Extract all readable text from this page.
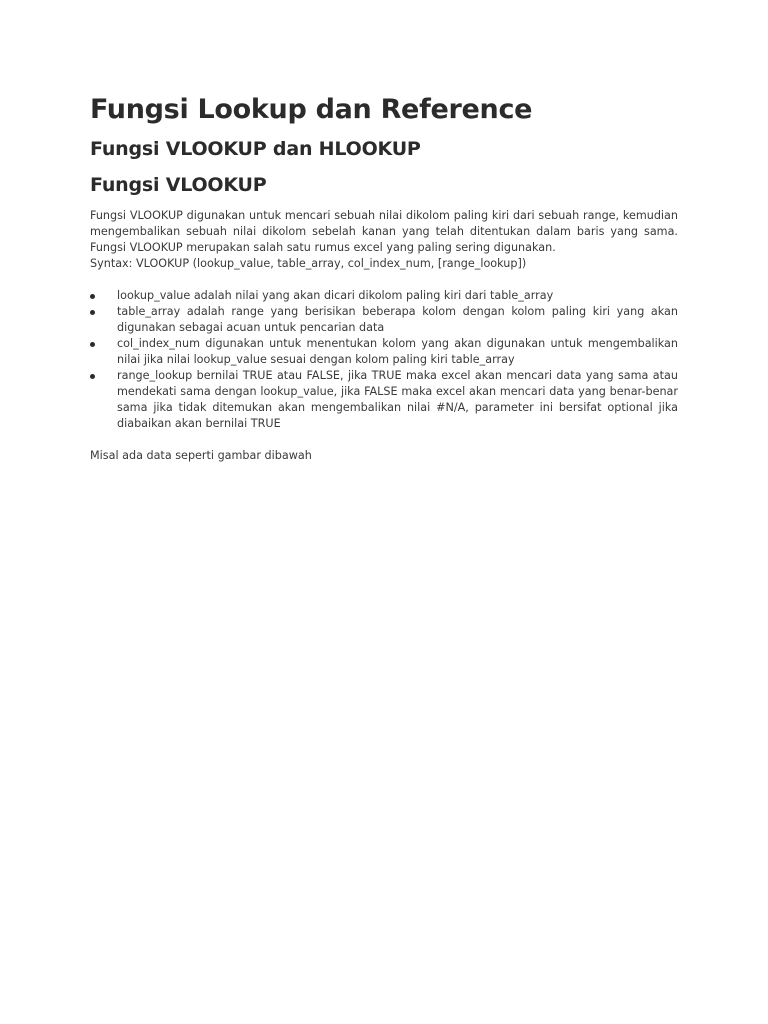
Fungsi Lookup dan Reference
Fungsi VLOOKUP dan HLOOKUP
Fungsi VLOOKUP

Fungsi VLOOKUP digunakan untuk mencari sebuah nilai dikolom paling kiri dari sebuah range, kemudian mengembalikan sebuah nilai dikolom sebelah kanan yang telah ditentukan dalam baris yang sama. Fungsi VLOOKUP merupakan salah satu rumus excel yang paling sering digunakan.
Syntax: VLOOKUP (lookup_value, table_array, col_index_num, [range_lookup])

lookup_value adalah nilai yang akan dicari dikolom paling kiri dari table_array
table_array adalah range yang berisikan beberapa kolom dengan kolom paling kiri yang akan digunakan sebagai acuan untuk pencarian data
col_index_num digunakan untuk menentukan kolom yang akan digunakan untuk mengembalikan nilai jika nilai lookup_value sesuai dengan kolom paling kiri table_array
range_lookup bernilai TRUE atau FALSE, jika TRUE maka excel akan mencari data yang sama atau mendekati sama dengan lookup_value, jika FALSE maka excel akan mencari data yang benar-benar sama jika tidak ditemukan akan mengembalikan nilai #N/A, parameter ini bersifat optional jika diabaikan akan bernilai TRUE

Misal ada data seperti gambar dibawah
